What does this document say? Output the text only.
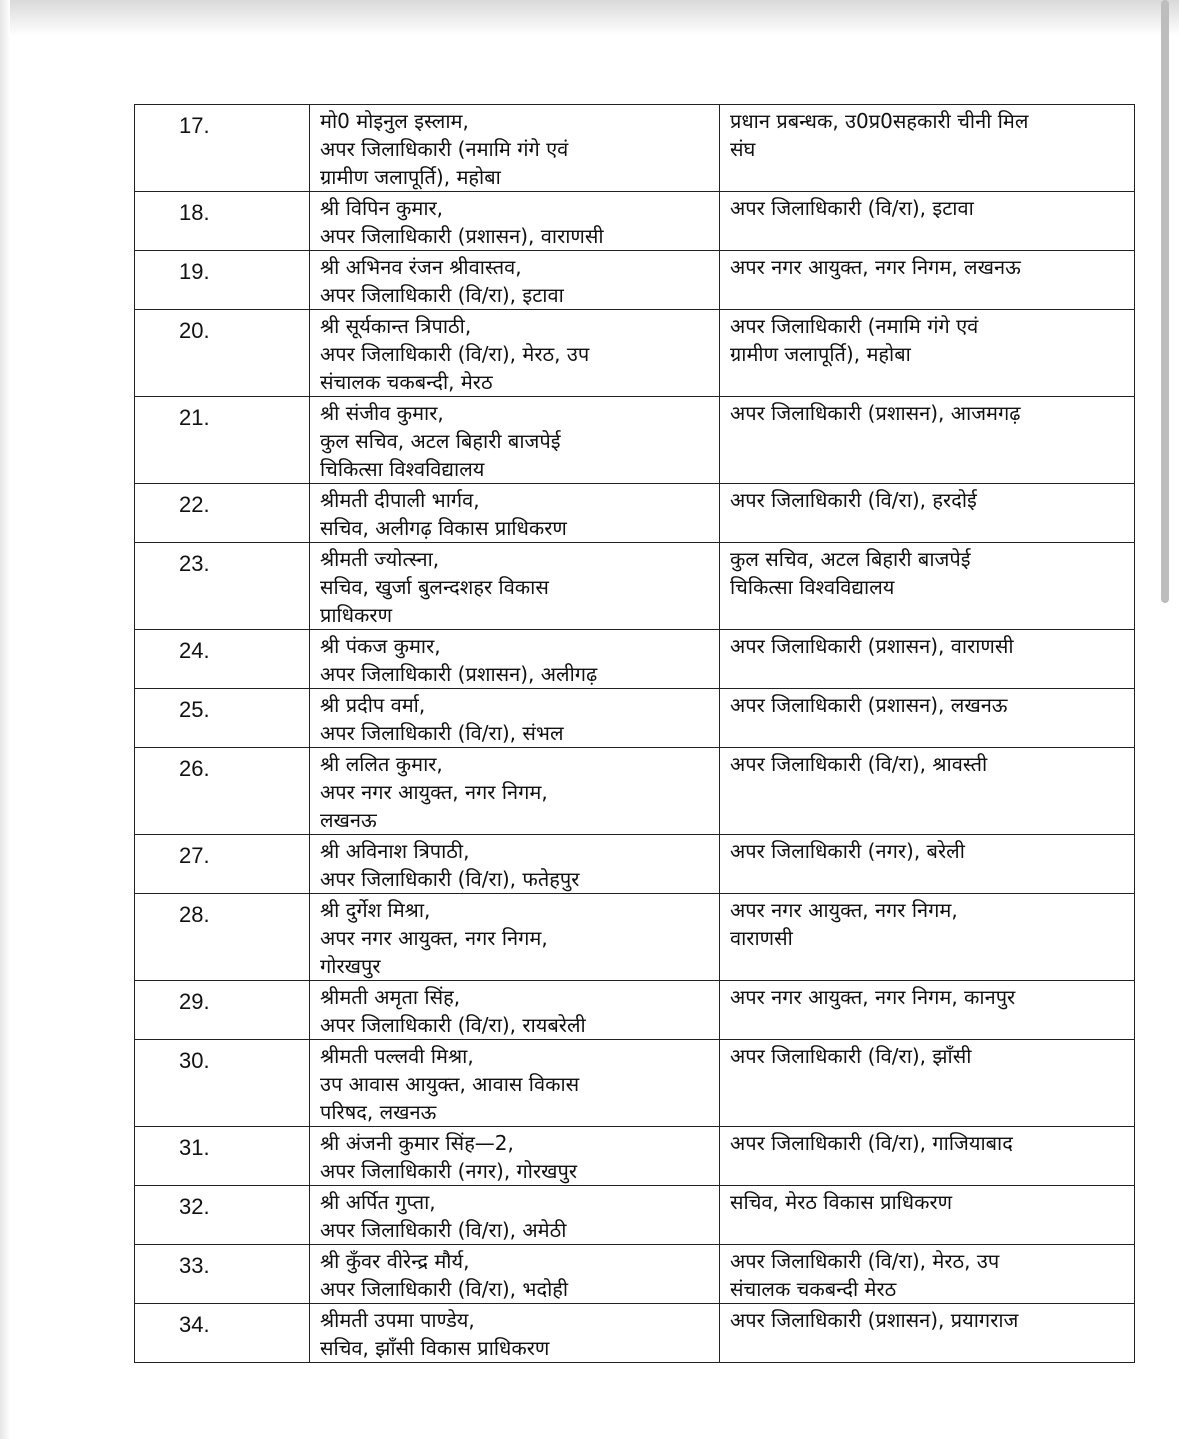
17.	मो0 मोइनुल इस्लाम,
अपर जिलाधिकारी (नमामि गंगे एवं
ग्रामीण जलापूर्ति), महोबा	प्रधान प्रबन्धक, उ0प्र0सहकारी चीनी मिल
संघ

18.	श्री विपिन कुमार,
अपर जिलाधिकारी (प्रशासन), वाराणसी	अपर जिलाधिकारी (वि/रा), इटावा

19.	श्री अभिनव रंजन श्रीवास्तव,
अपर जिलाधिकारी (वि/रा), इटावा	अपर नगर आयुक्त, नगर निगम, लखनऊ

20.	श्री सूर्यकान्त त्रिपाठी,
अपर जिलाधिकारी (वि/रा), मेरठ, उप
संचालक चकबन्दी, मेरठ	अपर जिलाधिकारी (नमामि गंगे एवं
ग्रामीण जलापूर्ति), महोबा

21.	श्री संजीव कुमार,
कुल सचिव, अटल बिहारी बाजपेई
चिकित्सा विश्वविद्यालय	अपर जिलाधिकारी (प्रशासन), आजमगढ़

22.	श्रीमती दीपाली भार्गव,
सचिव, अलीगढ़ विकास प्राधिकरण	अपर जिलाधिकारी (वि/रा), हरदोई

23.	श्रीमती ज्योत्स्ना,
सचिव, खुर्जा बुलन्दशहर विकास
प्राधिकरण	कुल सचिव, अटल बिहारी बाजपेई
चिकित्सा विश्वविद्यालय

24.	श्री पंकज कुमार,
अपर जिलाधिकारी (प्रशासन), अलीगढ़	अपर जिलाधिकारी (प्रशासन), वाराणसी

25.	श्री प्रदीप वर्मा,
अपर जिलाधिकारी (वि/रा), संभल	अपर जिलाधिकारी (प्रशासन), लखनऊ

26.	श्री ललित कुमार,
अपर नगर आयुक्त, नगर निगम,
लखनऊ	अपर जिलाधिकारी (वि/रा), श्रावस्ती

27.	श्री अविनाश त्रिपाठी,
अपर जिलाधिकारी (वि/रा), फतेहपुर	अपर जिलाधिकारी (नगर), बरेली

28.	श्री दुर्गेश मिश्रा,
अपर नगर आयुक्त, नगर निगम,
गोरखपुर	अपर नगर आयुक्त, नगर निगम,
वाराणसी

29.	श्रीमती अमृता सिंह,
अपर जिलाधिकारी (वि/रा), रायबरेली	अपर नगर आयुक्त, नगर निगम, कानपुर

30.	श्रीमती पल्लवी मिश्रा,
उप आवास आयुक्त, आवास विकास
परिषद, लखनऊ	अपर जिलाधिकारी (वि/रा), झाँसी

31.	श्री अंजनी कुमार सिंह—2,
अपर जिलाधिकारी (नगर), गोरखपुर	अपर जिलाधिकारी (वि/रा), गाजियाबाद

32.	श्री अर्पित गुप्ता,
अपर जिलाधिकारी (वि/रा), अमेठी	सचिव, मेरठ विकास प्राधिकरण

33.	श्री कुँवर वीरेन्द्र मौर्य,
अपर जिलाधिकारी (वि/रा), भदोही	अपर जिलाधिकारी (वि/रा), मेरठ, उप
संचालक चकबन्दी मेरठ

34.	श्रीमती उपमा पाण्डेय,
सचिव, झाँसी विकास प्राधिकरण	अपर जिलाधिकारी (प्रशासन), प्रयागराज
